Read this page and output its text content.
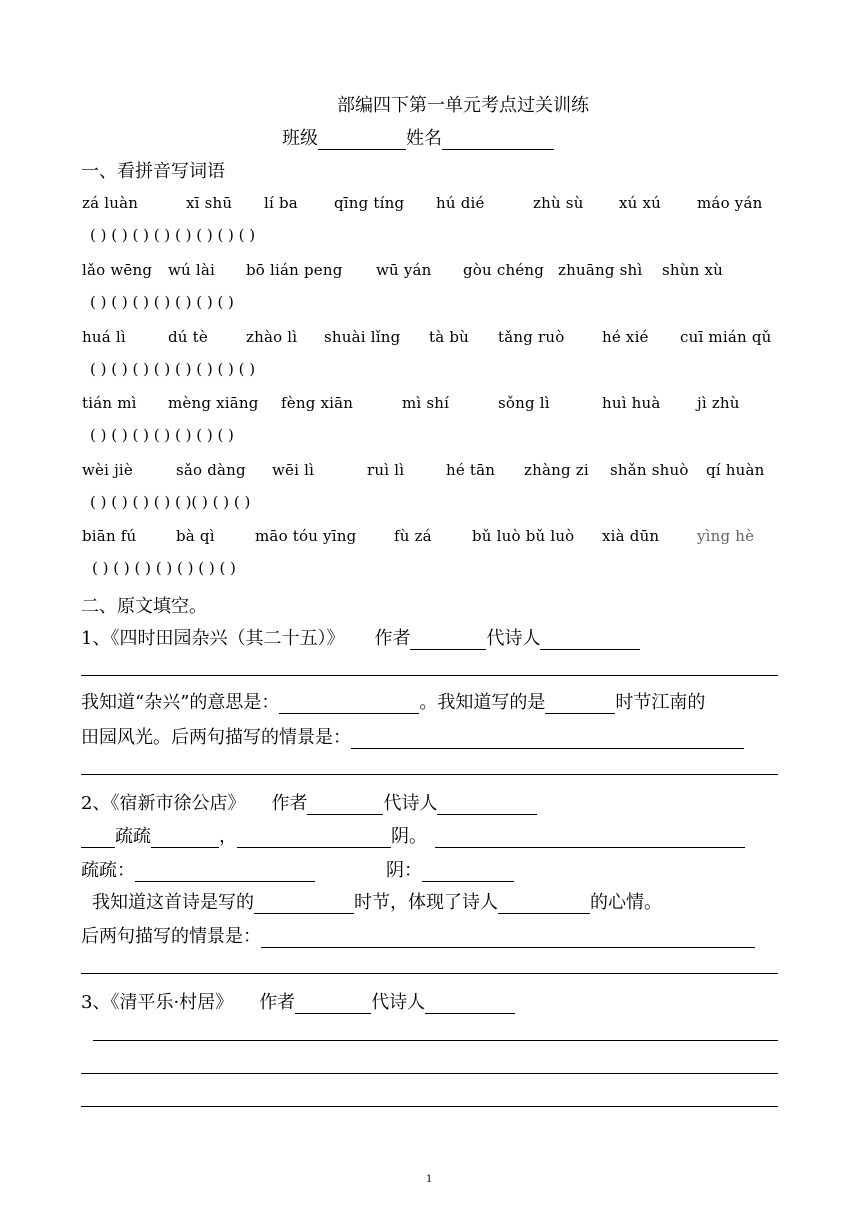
部编四下第一单元考点过关训练
班级	姓名
一、看拼音写词语
zá luàn	xī shū lí ba qīng tíng hú dié	zhù sù xú xú máo yán
( ) ( ) ( ) ( ) ( ) ( ) ( ) ( )
lǎo wēng wú lài bō lián peng wū yán gòu chéng zhuāng shì shùn xù
( ) ( ) ( ) ( ) ( ) ( ) ( )
huá lì	dú tè	zhào lì shuài lǐng tà bù tǎng ruò	hé xié cuī mián qǔ
( ) ( ) ( ) ( ) ( ) ( ) ( ) ( )
tián mì mèng xiāng fèng xiān	mì shí	sǒng lì	huì huà jì zhù
( ) ( ) ( ) ( ) ( ) ( ) ( )
wèi jiè	sǎo dàng wēi lì	ruì lì	hé tān zhàng zi shǎn shuò qí huàn
( ) ( ) ( ) ( ) ( )( ) ( ) ( )
biān fú	bà qì	māo tóu yīng	fù zá	bǔ luò bǔ luò xià dūn	yìng hè
( ) ( ) ( ) ( ) ( ) ( ) ( )
二、原文填空。
1、《四时田园杂兴（其二十五）》 作者	代诗人
我知道“杂兴”的意思是：	。我知道写的是	时节江南的
田园风光。后两句描写的情景是：
2、《宿新市徐公店》 作者	代诗人
疏疏	，	阴。
疏疏：	阴：
我知道这首诗是写的	时节，体现了诗人	的心情。
后两句描写的情景是：
3、《清平乐·村居》 作者	代诗人
1
